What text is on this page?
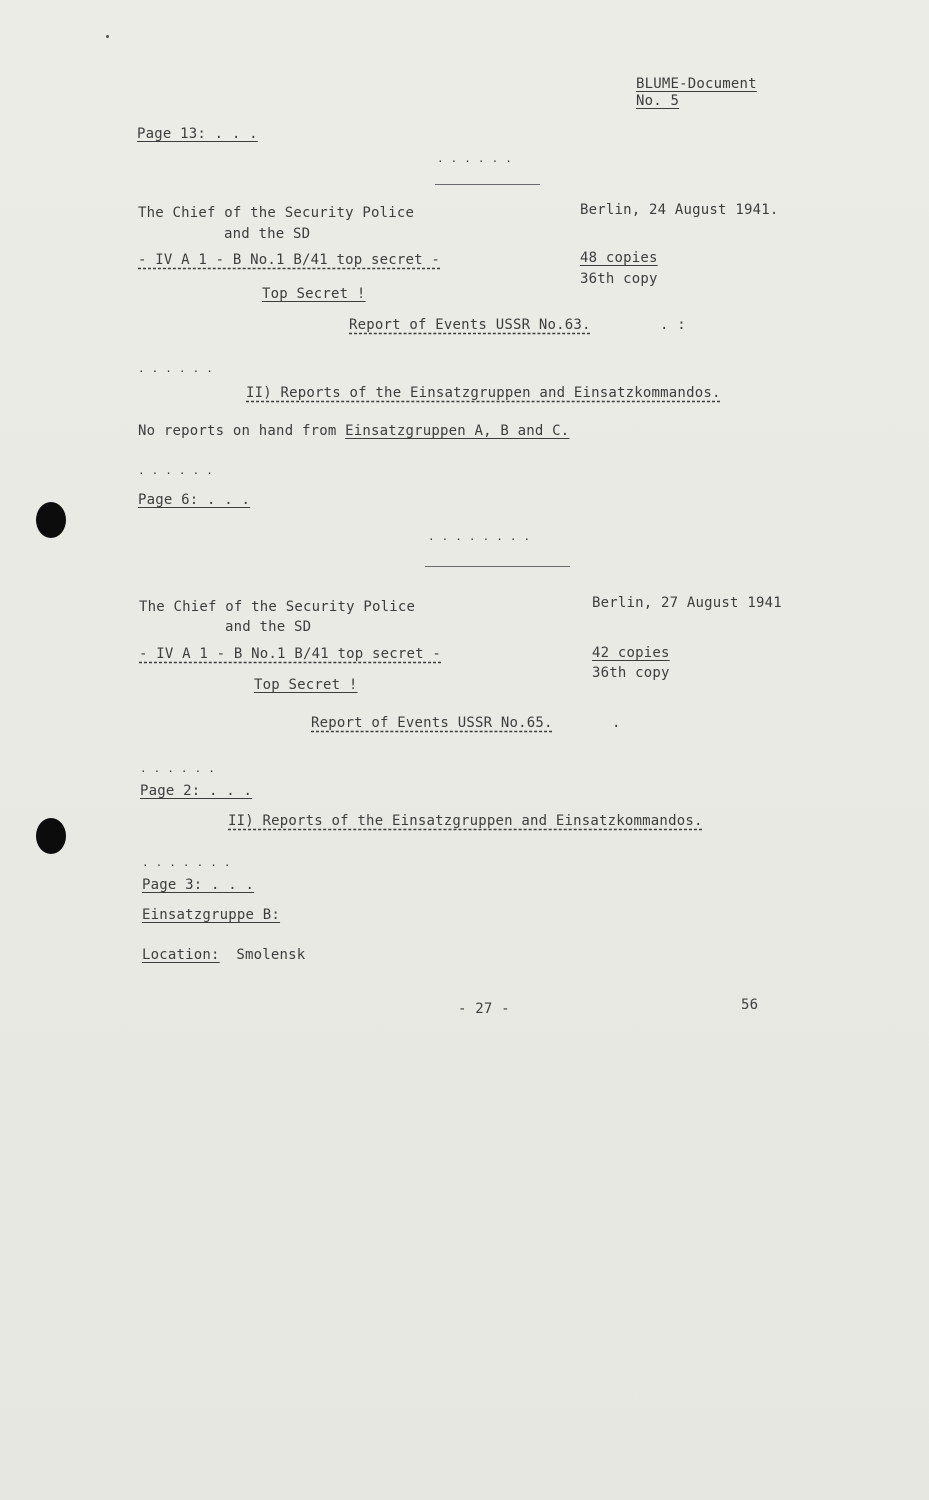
BLUME-Document
No. 5
Page 13: . . .
. . . . . .
The Chief of the Security Police
and the SD
Berlin, 24 August 1941.
- IV A 1 - B No.1 B/41 top secret -	48 copies
36th copy
Top Secret !
Report of Events USSR No.63.	. :
. . . . . .
II) Reports of the Einsatzgruppen and Einsatzkommandos.
No reports on hand from Einsatzgruppen A, B and C.
. . . . . .
Page 6: . . .
. . . . . . . .
The Chief of the Security Police
and the SD
Berlin, 27 August 1941
- IV A 1 - B No.1 B/41 top secret -	42 copies
36th copy
Top Secret !
Report of Events USSR No.65.	.
. . . . . .
Page 2: . . .
II) Reports of the Einsatzgruppen and Einsatzkommandos.
. . . . . . .
Page 3: . . .
Einsatzgruppe B:
Location: Smolensk
- 27 -	56
